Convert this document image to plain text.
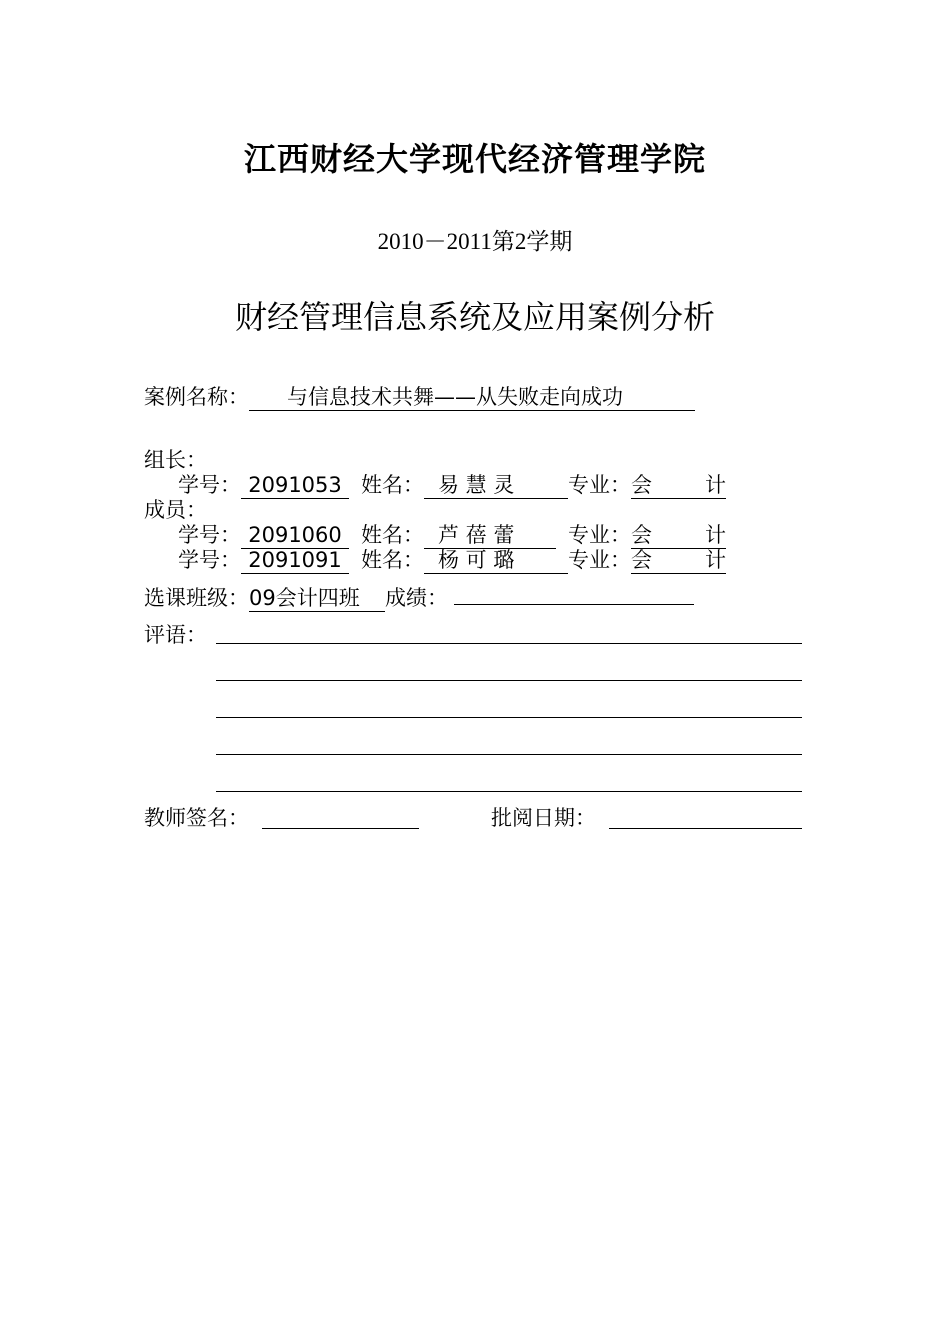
江西财经大学现代经济管理学院
2010－2011第2学期
财经管理信息系统及应用案例分析
案例名称： 与信息技术共舞——从失败走向成功
组长：
学号： 2091053 姓名： 易 慧 灵	专业： 会	计
成员：
学号： 2091060 姓名： 芦 蓓 蕾	专业： 会	计
学号： 2091091 姓名： 杨 可 璐	专业： 会	计
选课班级：09会计四班 成绩：
评语：
教师签名：	批阅日期：
